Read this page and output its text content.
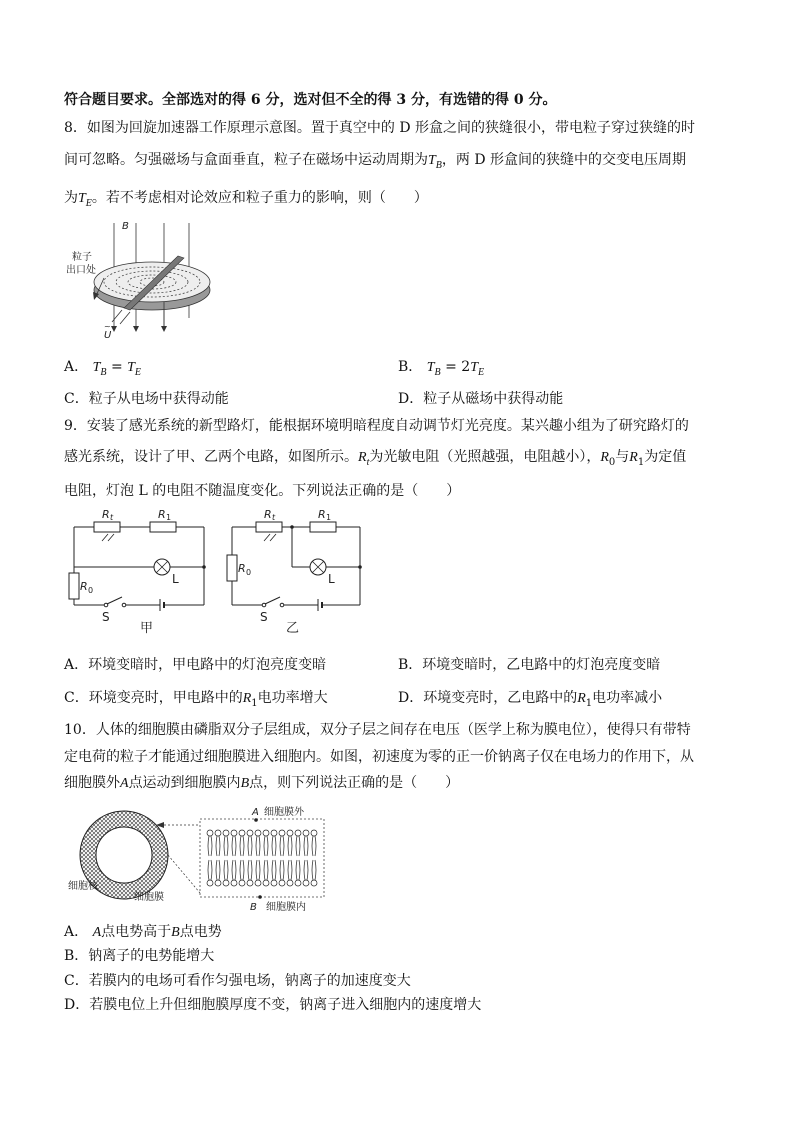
符合题目要求。全部选对的得 6 分，选对但不全的得 3 分，有选错的得 0 分。
8．如图为回旋加速器工作原理示意图。置于真空中的 D 形盒之间的狭缝很小，带电粒子穿过狭缝的时
间可忽略。匀强磁场与盒面垂直，粒子在磁场中运动周期为$T_B$，两 D 形盒间的狭缝中的交变电压周期
为$T_E$。若不考虑相对论效应和粒子重力的影响，则（　　）
B
粒子
出口处
U
~
A． $T_B = T_E$	B． $T_B = 2T_E$
C．粒子从电场中获得动能	D．粒子从磁场中获得动能
9．安装了感光系统的新型路灯，能根据环境明暗程度自动调节灯光亮度。某兴趣小组为了研究路灯的
感光系统，设计了甲、乙两个电路，如图所示。$R_t$为光敏电阻（光照越强，电阻越小），$R_0$与$R_1$为定值
电阻，灯泡 L 的电阻不随温度变化。下列说法正确的是（　　）
R t	R 1
R 0
L
S
甲
R t	R 1
R 0	L
S
乙
A．环境变暗时，甲电路中的灯泡亮度变暗	B．环境变暗时，乙电路中的灯泡亮度变暗
C．环境变亮时，甲电路中的$R_1$电功率增大	D．环境变亮时，乙电路中的$R_1$电功率减小
10．人体的细胞膜由磷脂双分子层组成，双分子层之间存在电压（医学上称为膜电位），使得只有带特
定电荷的粒子才能通过细胞膜进入细胞内。如图，初速度为零的正一价钠离子仅在电场力的作用下，从
细胞膜外A点运动到细胞膜内B点，则下列说法正确的是（　　）
A 细胞膜外
B 细胞膜内
细胞核
细胞膜
A． A点电势高于B点电势
B．钠离子的电势能增大
C．若膜内的电场可看作匀强电场，钠离子的加速度变大
D．若膜电位上升但细胞膜厚度不变，钠离子进入细胞内的速度增大
